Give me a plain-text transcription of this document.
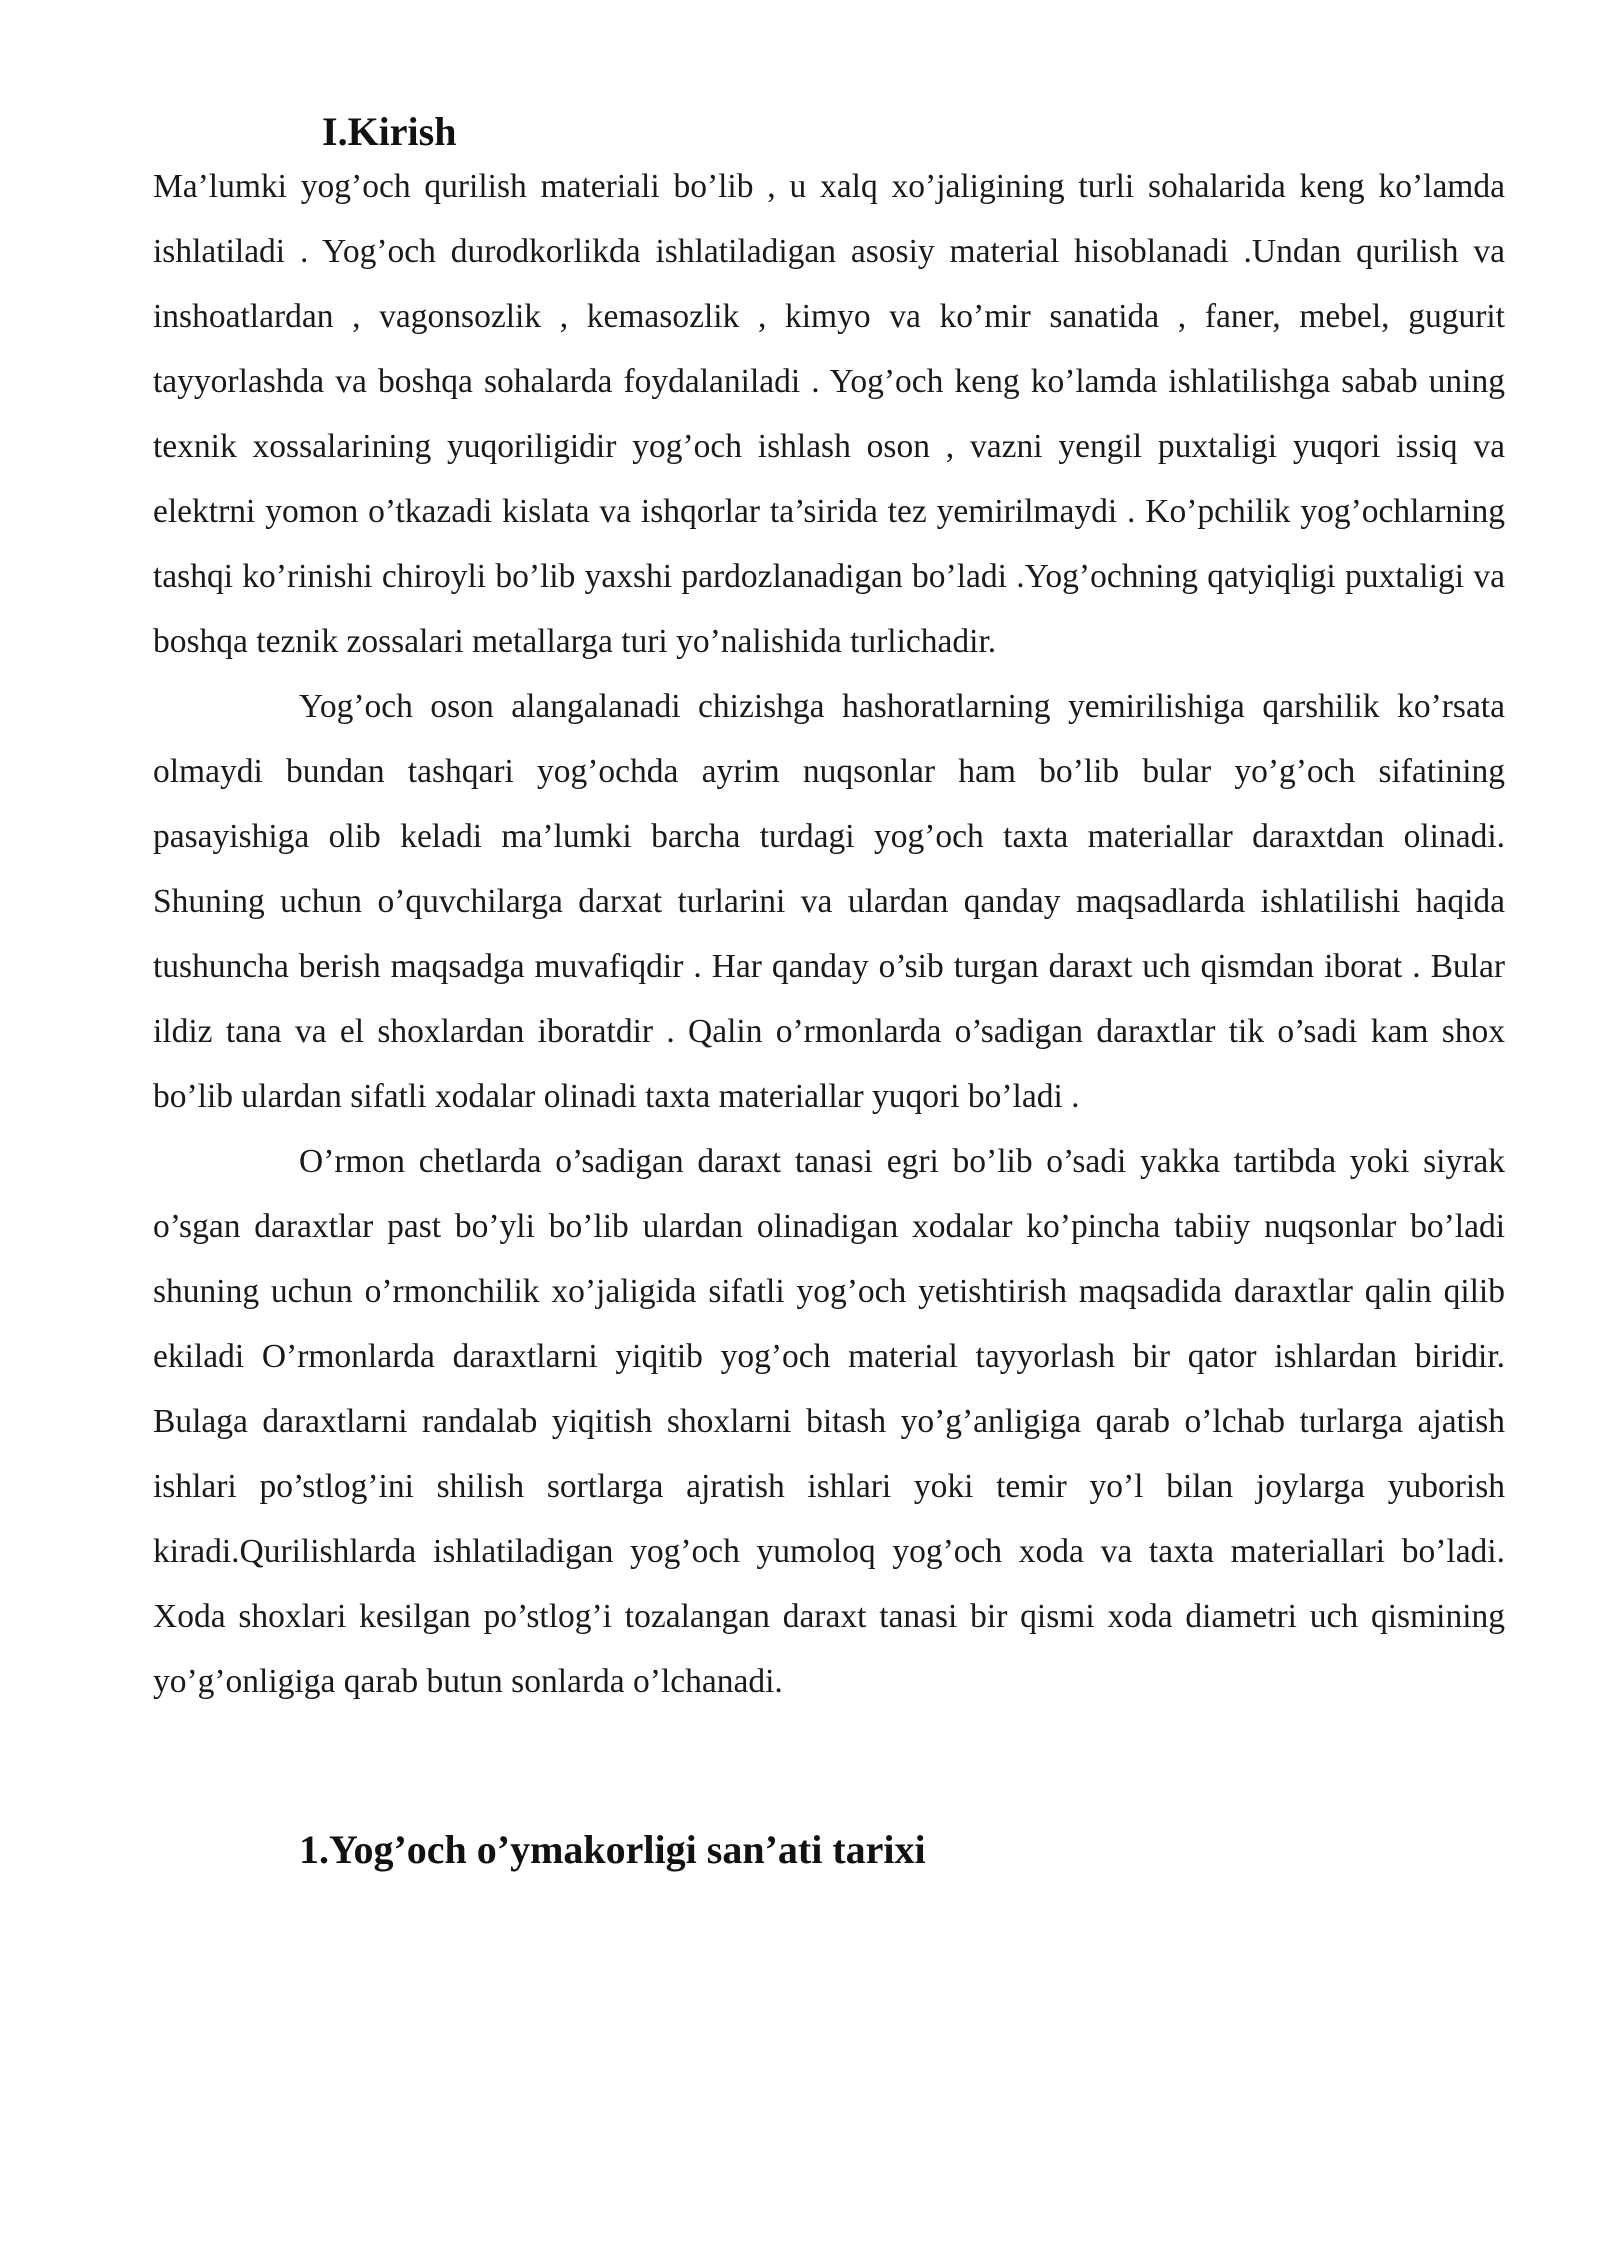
I.Kirish

Ma’lumki yog’och qurilish materiali bo’lib , u xalq xo’jaligining turli sohalarida keng ko’lamda ishlatiladi . Yog’och durodkorlikda ishlatiladigan asosiy material hisoblanadi .Undan qurilish va inshoatlardan , vagonsozlik , kemasozlik , kimyo va ko’mir sanatida , faner, mebel, gugurit tayyorlashda va boshqa sohalarda foydalaniladi . Yog’och keng ko’lamda ishlatilishga sabab uning texnik xossalarining yuqoriligidir yog’och ishlash oson , vazni yengil puxtaligi yuqori issiq va elektrni yomon o’tkazadi kislata va ishqorlar ta’sirida tez yemirilmaydi . Ko’pchilik yog’ochlarning tashqi ko’rinishi chiroyli bo’lib yaxshi pardozlanadigan bo’ladi .Yog’ochning qatyiqligi puxtaligi va boshqa teznik zossalari metallarga turi yo’nalishida turlichadir.

Yog’och oson alangalanadi chizishga hashoratlarning yemirilishiga qarshilik ko’rsata olmaydi bundan tashqari yog’ochda ayrim nuqsonlar ham bo’lib bular yo’g’och sifatining pasayishiga olib keladi ma’lumki barcha turdagi yog’och taxta materiallar daraxtdan olinadi. Shuning uchun o’quvchilarga darxat turlarini va ulardan qanday maqsadlarda ishlatilishi haqida tushuncha berish maqsadga muvafiqdir . Har qanday o’sib turgan daraxt uch qismdan iborat . Bular ildiz tana va el shoxlardan iboratdir . Qalin o’rmonlarda o’sadigan daraxtlar tik o’sadi kam shox bo’lib ulardan sifatli xodalar olinadi taxta materiallar yuqori bo’ladi .

O’rmon chetlarda o’sadigan daraxt tanasi egri bo’lib o’sadi yakka tartibda yoki siyrak o’sgan daraxtlar past bo’yli bo’lib ulardan olinadigan xodalar ko’pincha tabiiy nuqsonlar bo’ladi shuning uchun o’rmonchilik xo’jaligida sifatli yog’och yetishtirish maqsadida daraxtlar qalin qilib ekiladi O’rmonlarda daraxtlarni yiqitib yog’och material tayyorlash bir qator ishlardan biridir. Bulaga daraxtlarni randalab yiqitish shoxlarni bitash yo’g’anligiga qarab o’lchab turlarga ajatish ishlari po’stlog’ini shilish sortlarga ajratish ishlari yoki temir yo’l bilan joylarga yuborish kiradi.Qurilishlarda ishlatiladigan yog’och yumoloq yog’och xoda va taxta materiallari bo’ladi. Xoda shoxlari kesilgan po’stlog’i tozalangan daraxt tanasi bir qismi xoda diametri uch qismining yo’g’onligiga qarab butun sonlarda o’lchanadi.

1.Yog’och o’ymakorligi san’ati tarixi
